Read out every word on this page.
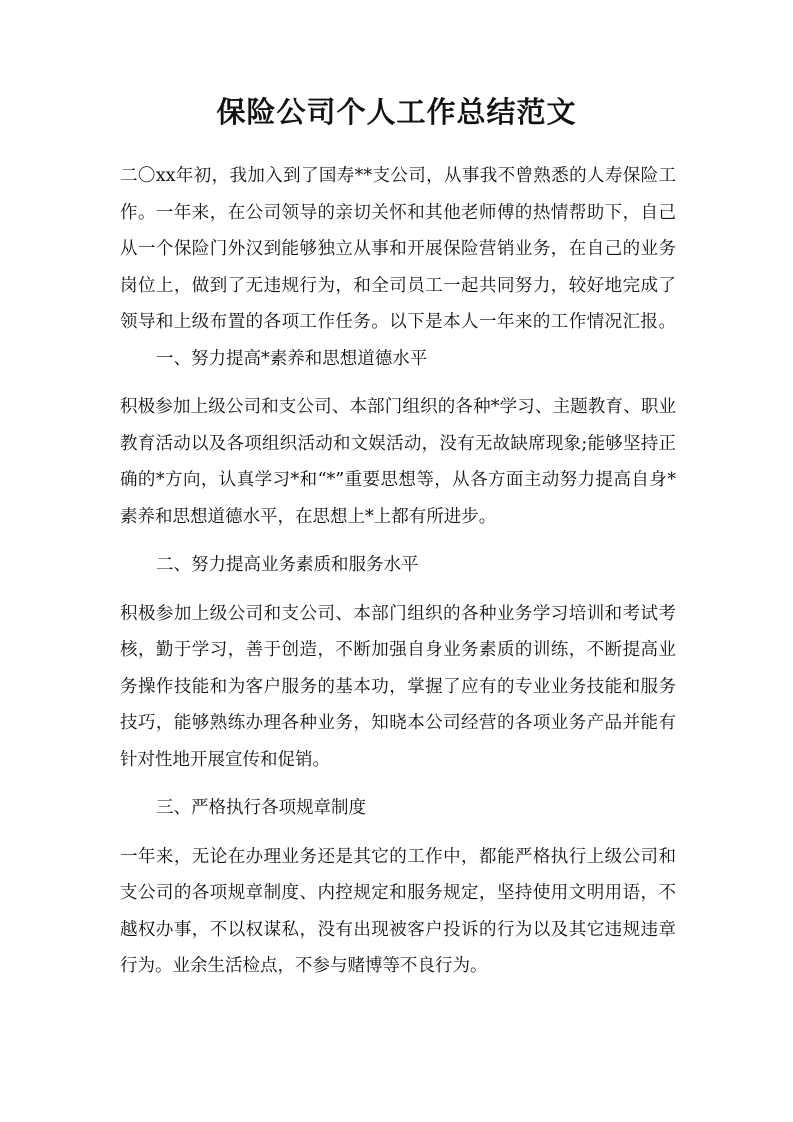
保险公司个人工作总结范文

二〇xx年初，我加入到了国寿**支公司，从事我不曾熟悉的人寿保险工作。一年来，在公司领导的亲切关怀和其他老师傅的热情帮助下，自己从一个保险门外汉到能够独立从事和开展保险营销业务，在自己的业务岗位上，做到了无违规行为，和全司员工一起共同努力，较好地完成了领导和上级布置的各项工作任务。以下是本人一年来的工作情况汇报。一、努力提高*素养和思想道德水平

积极参加上级公司和支公司、本部门组织的各种*学习、主题教育、职业教育活动以及各项组织活动和文娱活动，没有无故缺席现象;能够坚持正确的*方向，认真学习*和“*”重要思想等，从各方面主动努力提高自身*素养和思想道德水平，在思想上*上都有所进步。

二、努力提高业务素质和服务水平

积极参加上级公司和支公司、本部门组织的各种业务学习培训和考试考核，勤于学习，善于创造，不断加强自身业务素质的训练，不断提高业务操作技能和为客户服务的基本功，掌握了应有的专业业务技能和服务技巧，能够熟练办理各种业务，知晓本公司经营的各项业务产品并能有针对性地开展宣传和促销。

三、严格执行各项规章制度

一年来，无论在办理业务还是其它的工作中，都能严格执行上级公司和支公司的各项规章制度、内控规定和服务规定，坚持使用文明用语，不越权办事，不以权谋私，没有出现被客户投诉的行为以及其它违规违章行为。业余生活检点，不参与赌博等不良行为。
